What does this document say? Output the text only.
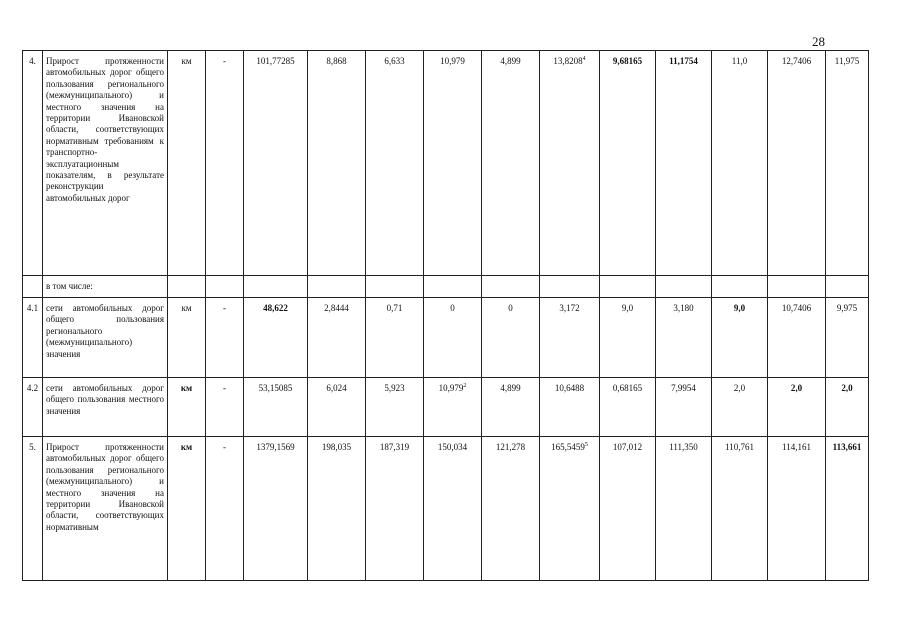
28
4.	Прирост протяженности автомобильных дорог общего пользования регионального (межмуниципального) и местного значения на территории Ивановской области, соответствующих нормативным требованиям к транспортно-эксплуатационным показателям, в результате реконструкции автомобильных дорог	км	-	101,77285	8,868	6,633	10,979	4,899	13,8208$^4$	9,68165	11,1754	11,0	12,7406	11,975
	в том числе:													
4.1	сети автомобильных дорог общего пользования регионального (межмуниципального) значения	км	-	48,622	2,8444	0,71	0	0	3,172	9,0	3,180	9,0	10,7406	9,975
4.2	сети автомобильных дорог общего пользования местного значения	км	-	53,15085	6,024	5,923	10,979$^2$	4,899	10,6488	0,68165	7,9954	2,0	2,0	2,0
5.	Прирост протяженности автомобильных дорог общего пользования регионального (межмуниципального) и местного значения на территории Ивановской области, соответствующих нормативным	км	-	1379,1569	198,035	187,319	150,034	121,278	165,5459$^5$	107,012	111,350	110,761	114,161	113,661
